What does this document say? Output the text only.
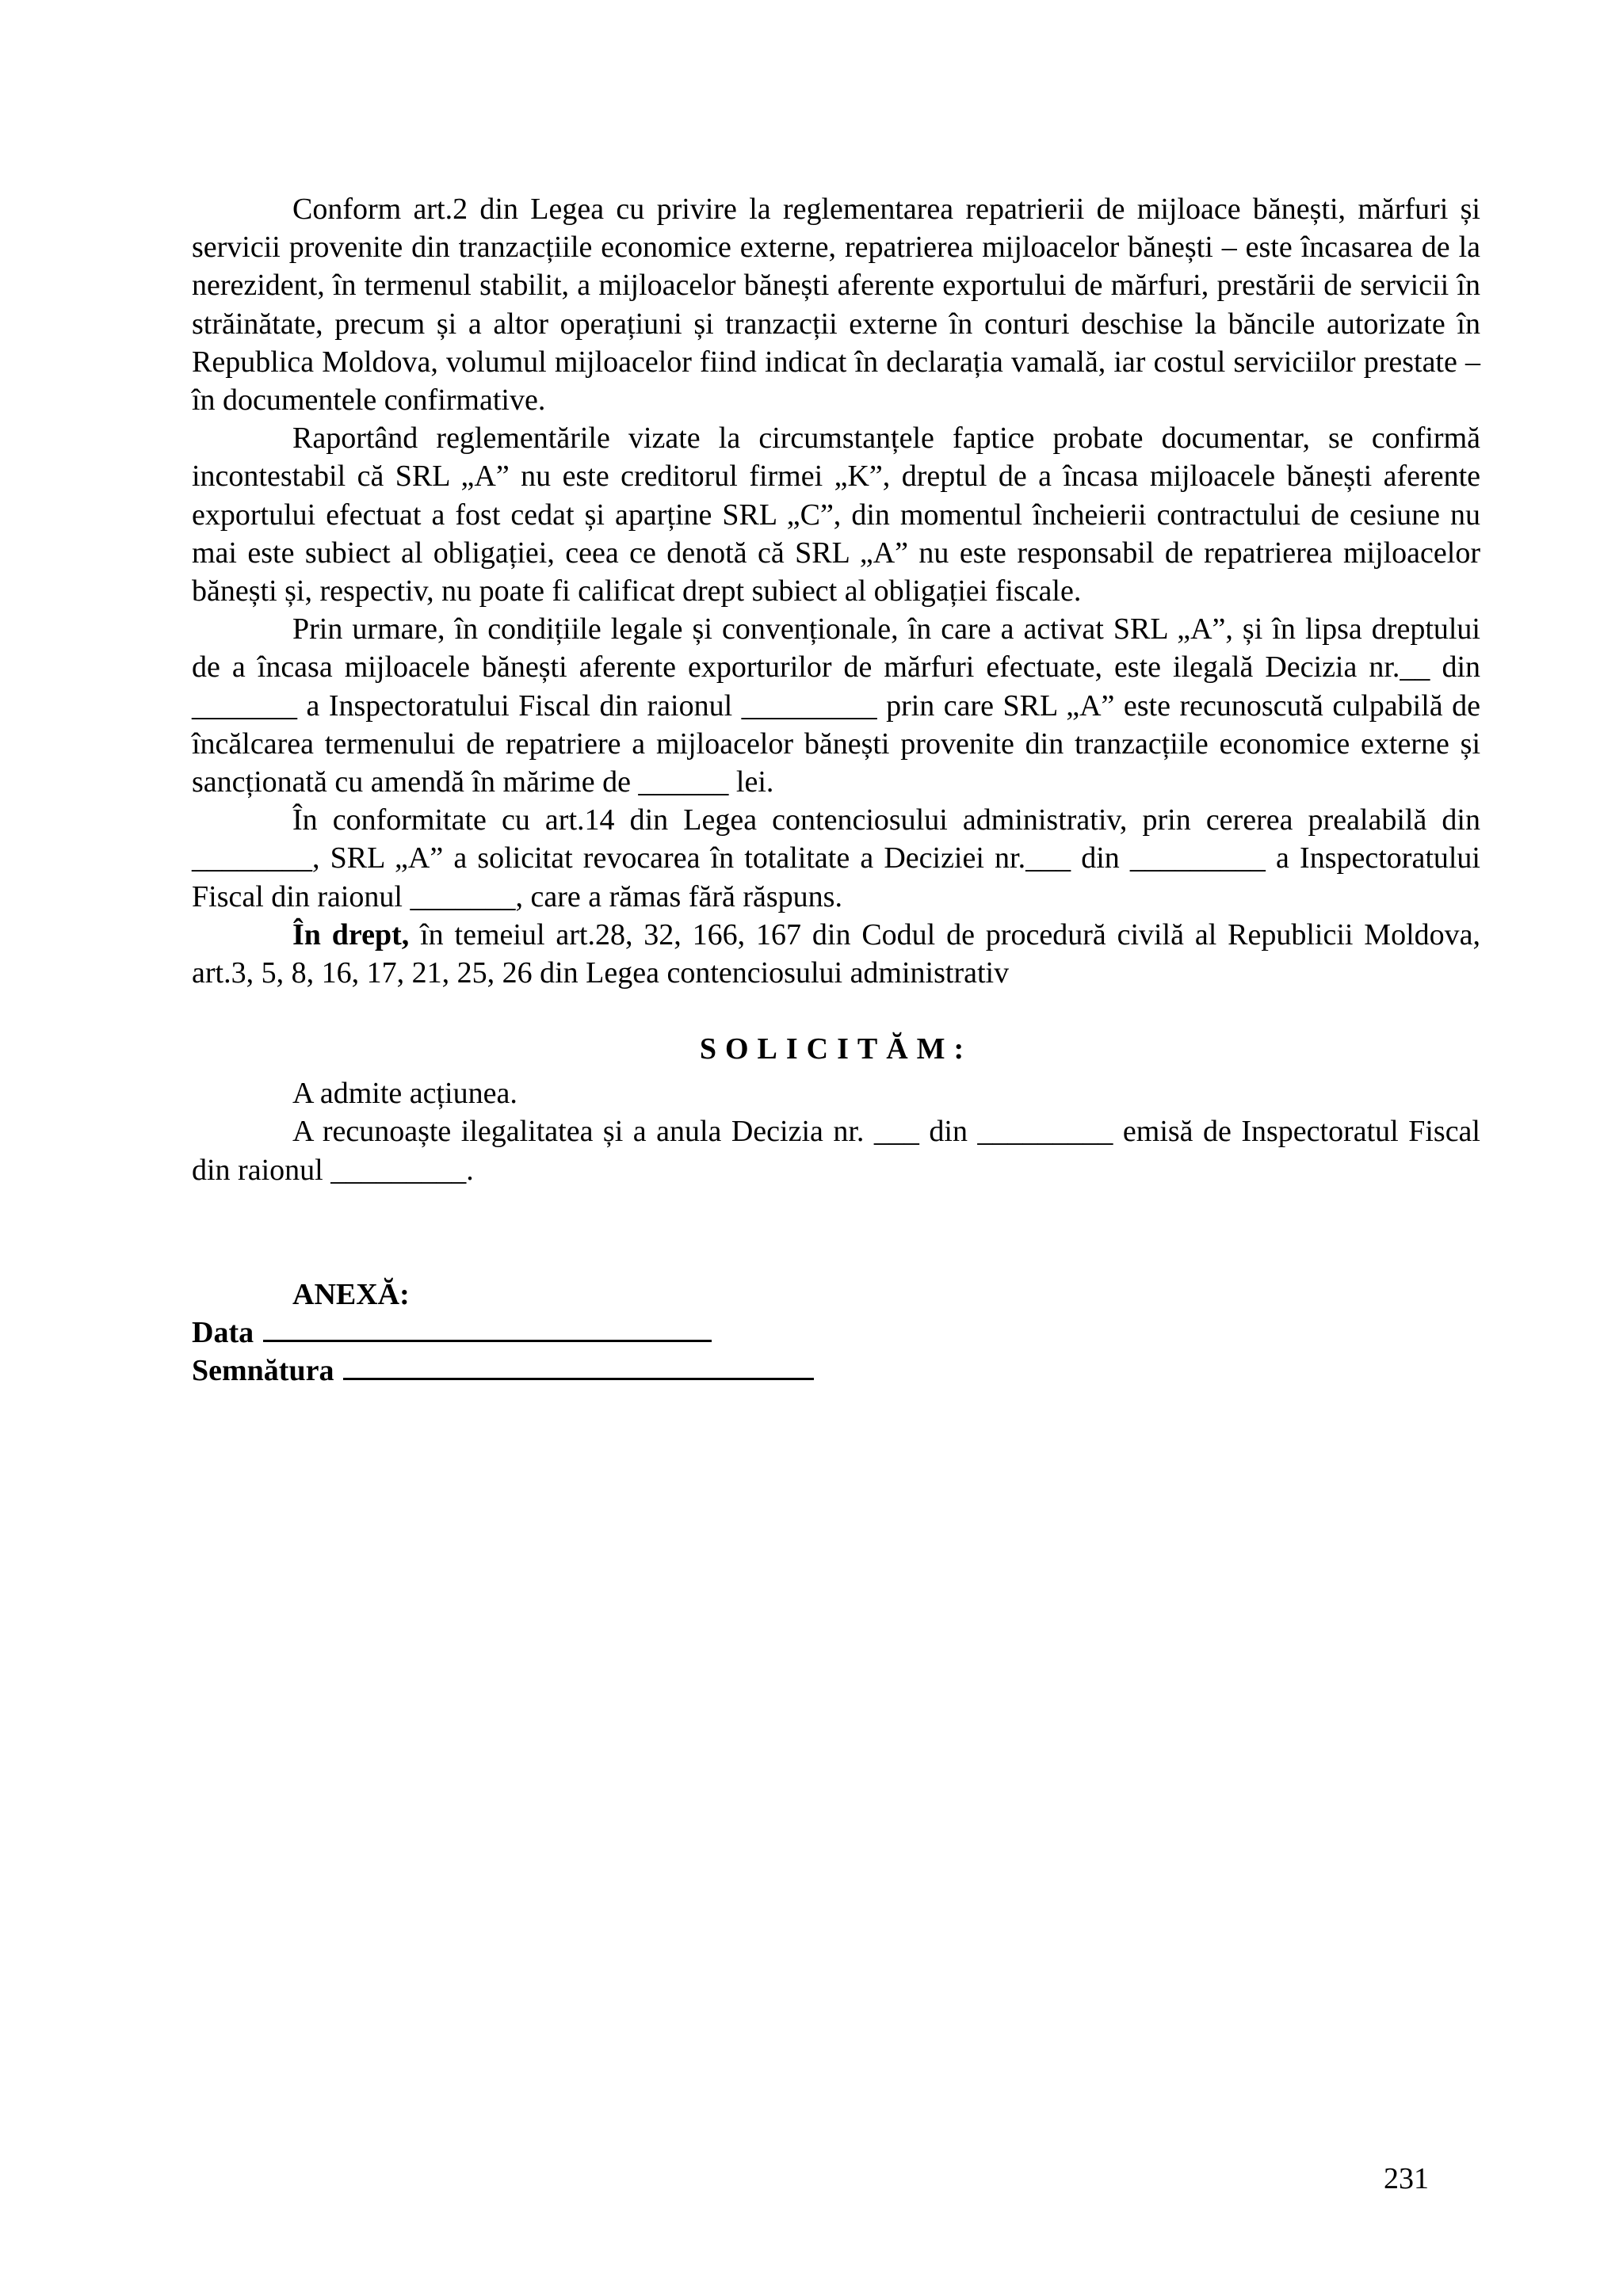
Conform art.2 din Legea cu privire la reglementarea repatrierii de mijloace bănești, mărfuri și servicii provenite din tranzacțiile economice externe, repatrierea mijloacelor bănești – este încasarea de la nerezident, în termenul stabilit, a mijloacelor bănești aferente exportului de mărfuri, prestării de servicii în străinătate, precum și a altor operațiuni și tranzacții externe în conturi deschise la băncile autorizate în Republica Moldova, volumul mijloacelor fiind indicat în declarația vamală, iar costul serviciilor prestate – în documentele confirmative.

Raportând reglementările vizate la circumstanțele faptice probate documentar, se confirmă incontestabil că SRL „A” nu este creditorul firmei „K”, dreptul de a încasa mijloacele bănești aferente exportului efectuat a fost cedat și aparține SRL „C”, din momentul încheierii contractului de cesiune nu mai este subiect al obligației, ceea ce denotă că SRL „A” nu este responsabil de repatrierea mijloacelor bănești și, respectiv, nu poate fi calificat drept subiect al obligației fiscale.

Prin urmare, în condițiile legale și convenționale, în care a activat SRL „A”, și în lipsa dreptului de a încasa mijloacele bănești aferente exporturilor de mărfuri efectuate, este ilegală Decizia nr.__ din _______ a Inspectoratului Fiscal din raionul _________ prin care SRL „A” este recunoscută culpabilă de încălcarea termenului de repatriere a mijloacelor bănești provenite din tranzacțiile economice externe și sancționată cu amendă în mărime de ______ lei.

În conformitate cu art.14 din Legea contenciosului administrativ, prin cererea prealabilă din ________, SRL „A” a solicitat revocarea în totalitate a Deciziei nr.___ din _________ a Inspectoratului Fiscal din raionul _______, care a rămas fără răspuns.

În drept, în temeiul art.28, 32, 166, 167 din Codul de procedură civilă al Republicii Moldova, art.3, 5, 8, 16, 17, 21, 25, 26 din Legea contenciosului administrativ

SOLICITĂM:

A admite acțiunea.

A recunoaște ilegalitatea și a anula Decizia nr. ___ din _________ emisă de Inspectoratul Fiscal din raionul _________.

ANEXĂ:

Data
Semnătura
231
